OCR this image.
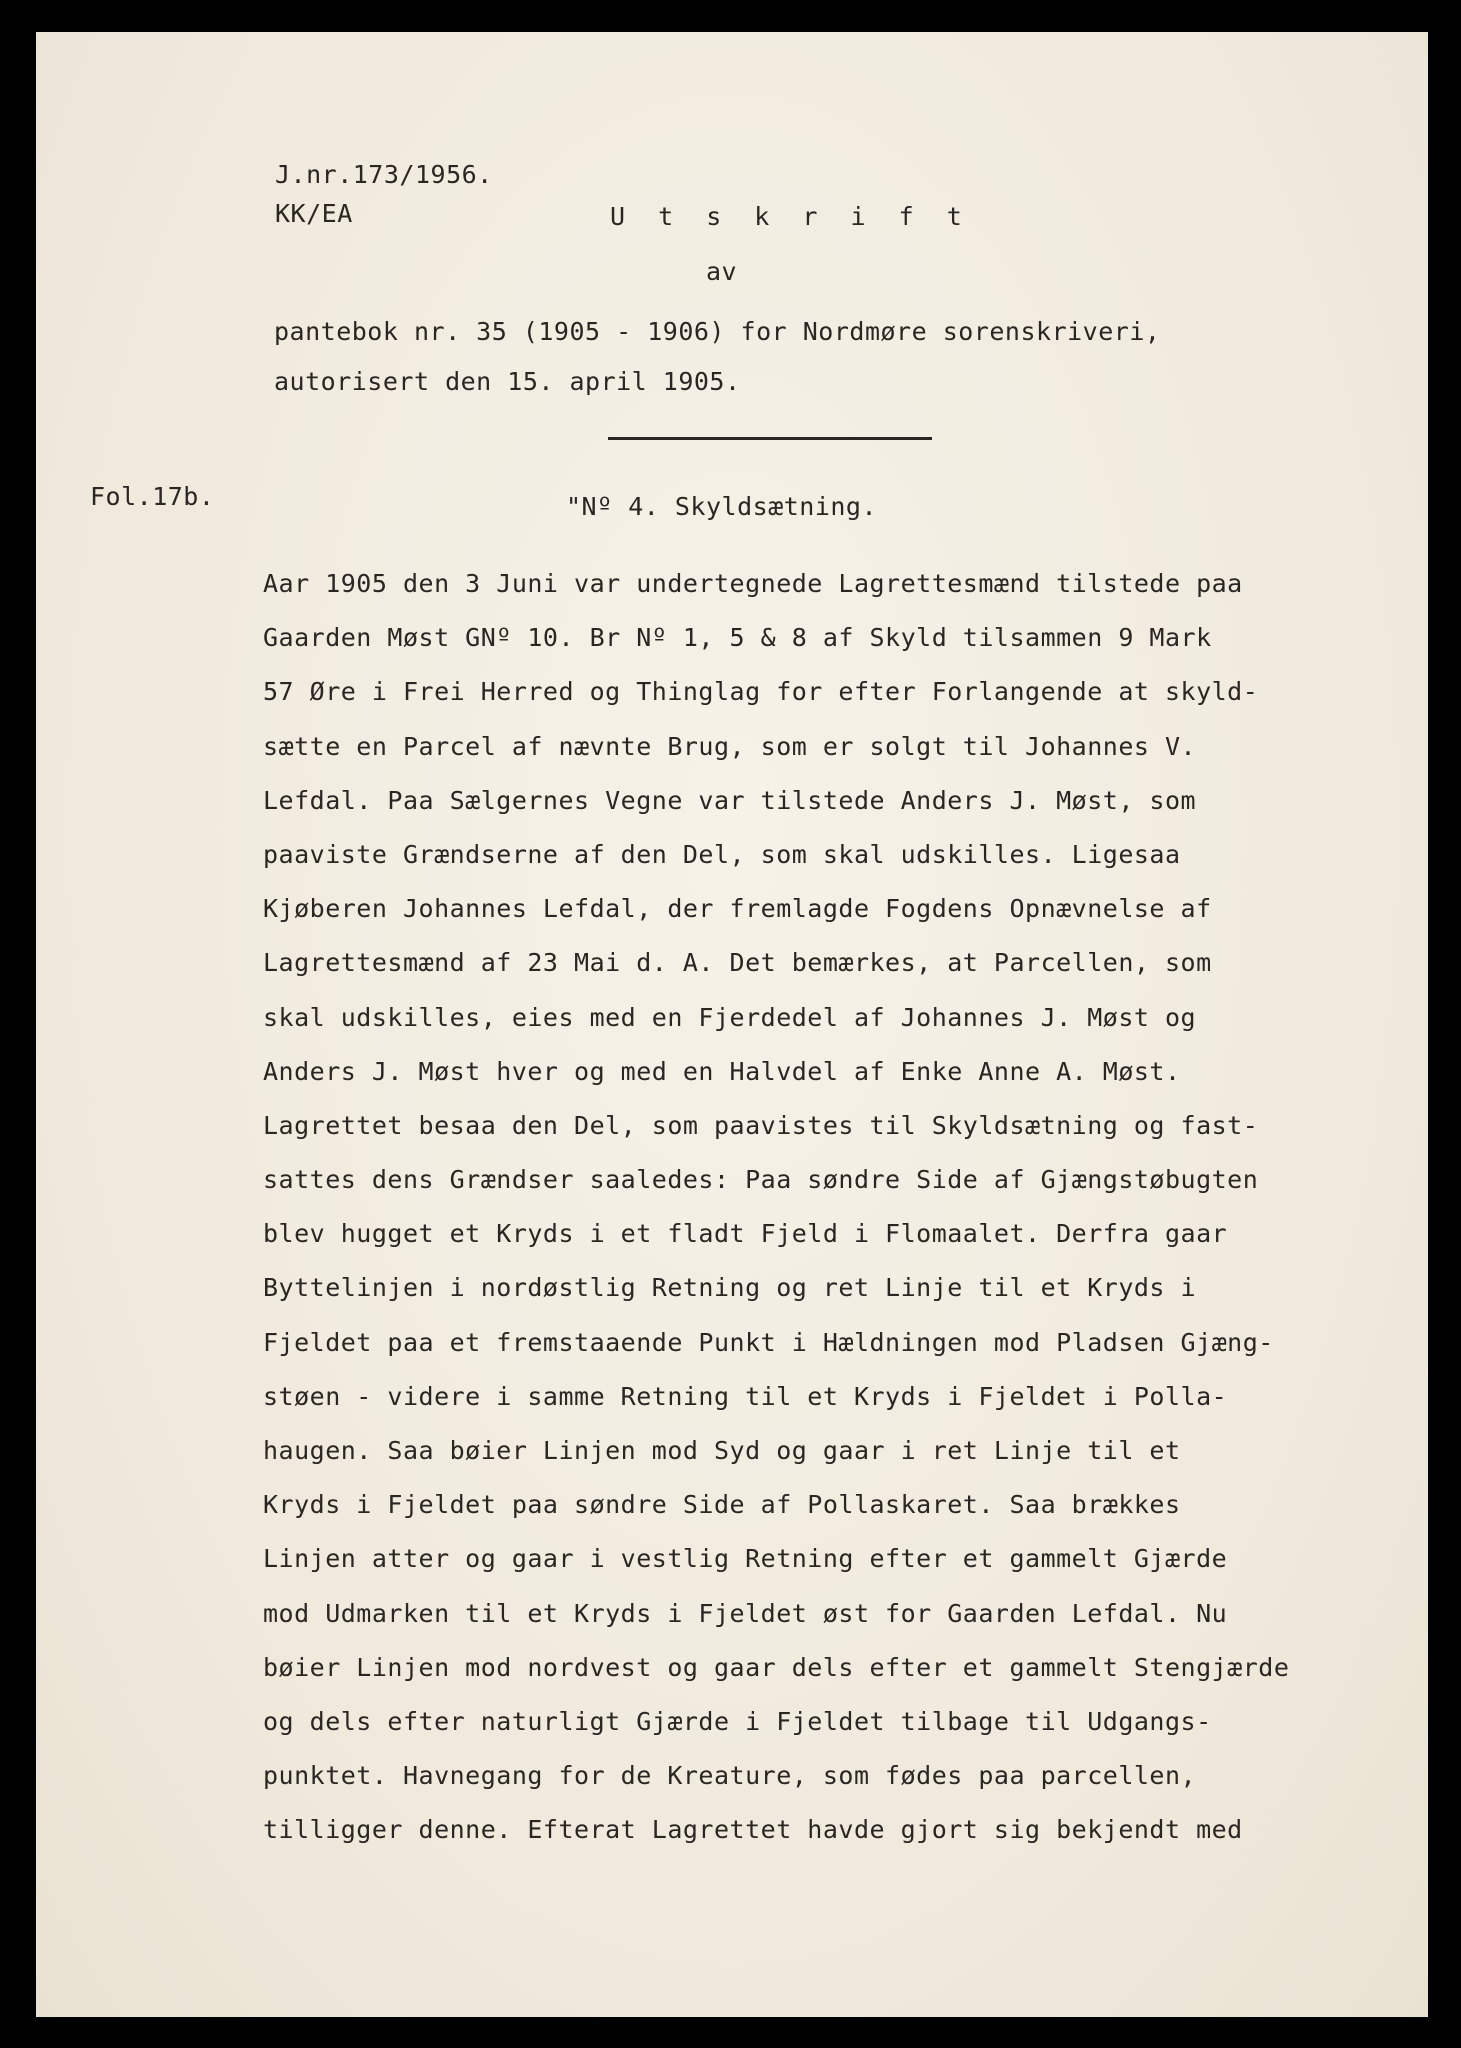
J.nr.173/1956.
KK/EA	U t s k r i f t
av
pantebok nr. 35 (1905 - 1906) for Nordmøre sorenskriveri,
autorisert den 15. april 1905.
Fol.17b.	"Nº 4. Skyldsætning.
Aar 1905 den 3 Juni var undertegnede Lagrettesmænd tilstede paa
Gaarden Møst GNº 10. Br Nº 1, 5 & 8 af Skyld tilsammen 9 Mark
57 Øre i Frei Herred og Thinglag for efter Forlangende at skyld-
sætte en Parcel af nævnte Brug, som er solgt til Johannes V.
Lefdal. Paa Sælgernes Vegne var tilstede Anders J. Møst, som
paaviste Grændserne af den Del, som skal udskilles. Ligesaa
Kjøberen Johannes Lefdal, der fremlagde Fogdens Opnævnelse af
Lagrettesmænd af 23 Mai d. A. Det bemærkes, at Parcellen, som
skal udskilles, eies med en Fjerdedel af Johannes J. Møst og
Anders J. Møst hver og med en Halvdel af Enke Anne A. Møst.
Lagrettet besaa den Del, som paavistes til Skyldsætning og fast-
sattes dens Grændser saaledes: Paa søndre Side af Gjængstøbugten
blev hugget et Kryds i et fladt Fjeld i Flomaalet. Derfra gaar
Byttelinjen i nordøstlig Retning og ret Linje til et Kryds i
Fjeldet paa et fremstaaende Punkt i Hældningen mod Pladsen Gjæng-
støen - videre i samme Retning til et Kryds i Fjeldet i Polla-
haugen. Saa bøier Linjen mod Syd og gaar i ret Linje til et
Kryds i Fjeldet paa søndre Side af Pollaskaret. Saa brækkes
Linjen atter og gaar i vestlig Retning efter et gammelt Gjærde
mod Udmarken til et Kryds i Fjeldet øst for Gaarden Lefdal. Nu
bøier Linjen mod nordvest og gaar dels efter et gammelt Stengjærde
og dels efter naturligt Gjærde i Fjeldet tilbage til Udgangs-
punktet. Havnegang for de Kreature, som fødes paa parcellen,
tilligger denne. Efterat Lagrettet havde gjort sig bekjendt med
